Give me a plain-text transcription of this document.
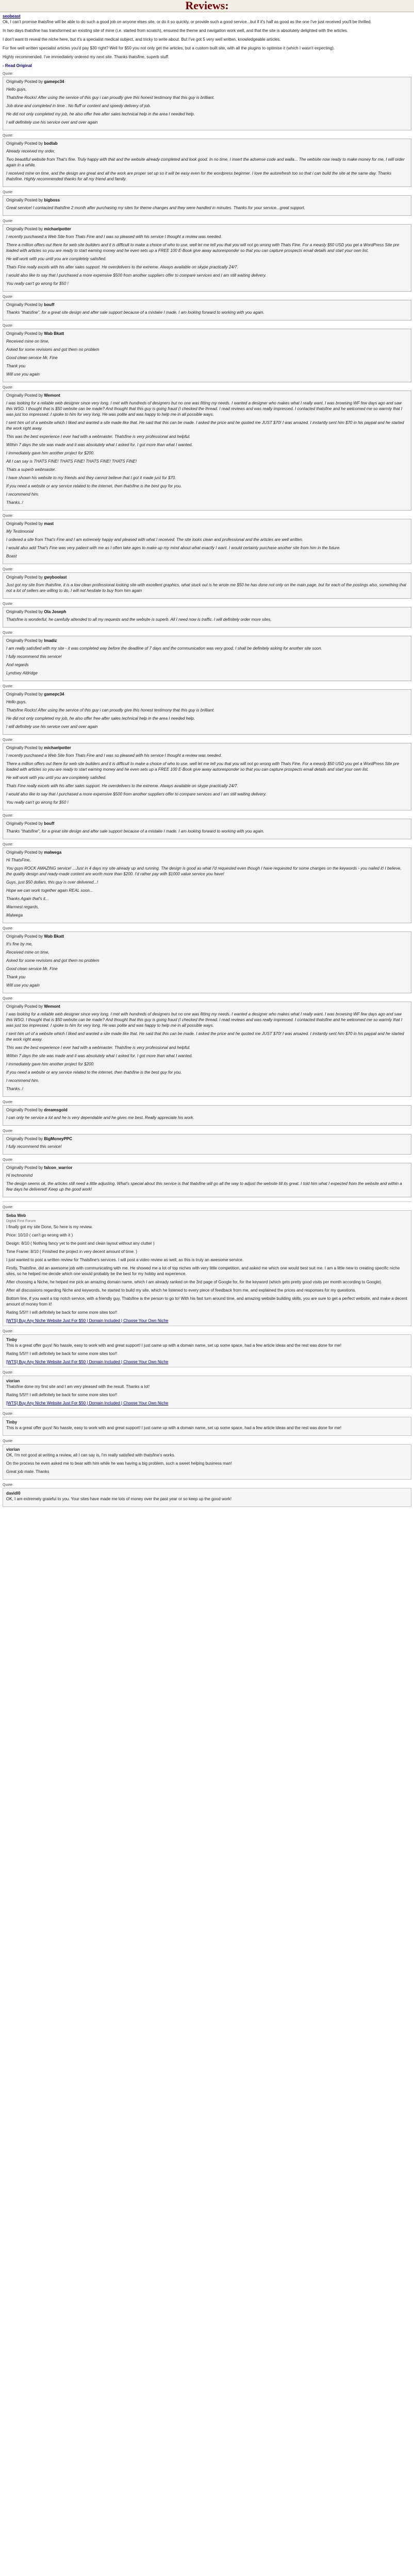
Reviews:
seobeast

Ok, I can't promise thatsfine will be able to do such a good job on anyone elses site, or do it so quickly, or provide such a good service...but if it's half as good as the one I've just received you'll be thrilled.

In two days thatsfine has transformed an existing site of mine (i.e. started from scratch), ensured the theme and navigation work well, and that the site is absolutely delighted with the articles.

I don't want to reveal the niche here, but it's a specialist medical subject, and tricky to write about. But I've got 5 very well written, knowledgeable articles.

For five well written specialist articles you'd pay $30 right? Well for $50 you not only get the articles, but a custom built site, with all the plugins to optimise it (which I wasn't expecting).

Highly recommended. I've immediately ordered my next site. Thanks thatsfine, superb stuff.

- Read Original
Quote:
Originally Posted by gamepc34

Hello guys,

Thatsfine Rocks! After using the service of this guy i can proudly give this honest testimony that this guy is brilliant.

Job done and completed in time . No fluff or content and speedy delivery of job.

He did not only completed my job, he also offer free after sales technical help in the area I needed help.

I will definitely use his service over and over again

Quote:
Originally Posted by bodlab

Already received my order,

Two beautiful website from That's fine. Truly happy with that and the website already completed and look good. In no time, I insert the adsense code and walla... The website now ready to make money for me, I will order again in a while.

I received mine on time, and the design are great and all the work are proper set up so it will be easy even for the wordpress beginner. I love the autorefresh too so that i can build the site at the same day. Thanks thatsfine. Highly recommended thanks for all my friend and family.

Quote:
Originally Posted by bigboss

Great service! I contacted thatsfine 2 month after purchasing my sites for theme changes and they were handled in minutes. Thanks for your service...great support.

Quote:
Originally Posted by michaelpotter

I recently purchased a Web Site from Thats Fine and I was so pleased with his service I thought a review was needed.

There a million offers out there for web site builders and it is difficult to make a choice of who to use, well let me tell you that you will not go wrong with Thats Fine. For a measly $50 USD you get a WordPress Site pre loaded with articles so you are ready to start earning money and he even sets up a FREE 100 E-Book give away autoresponder so that you can capture prospects email details and start your own list.

He will work with you until you are completely satisfied.

Thats Fine really excels with his after sales support. He overdelivers to the extreme. Always available on skype practically 24/7.

I would also like to say that I purchased a more expensive $500 from another suppliers offer to compare services and I am still waiting delivery.

You really can't go wrong for $50 !

Quote:
Originally Posted by bouff

Thanks "thatsfine", for a great site design and after sale support because of a mistake I made. I am looking forward to working with you again.

Quote:
Originally Posted by Wab Bkatt

Received mine on time,

Asked for some revisions and got them no problem

Good clean service Mr. Fine

Thank you

Will use you again

Quote:
Originally Posted by Wemont

I was looking for a reliable web designer since very long. I met with hundreds of designers but no one was fitting my needs. I wanted a designer who makes what I really want. I was browsing WF few days ago and saw this WSO. I thought that is $50 website can be made? And thought that this guy is going fraud (I checked the thread. I read reviews and was really impressed. I contacted thatsfine and he welcomed me so warmly that I was just too impressed. I spoke to him for very long. He was polite and was happy to help me in all possible ways.

I sent him url of a website which I liked and wanted a site made like that. He said that this can be made. I asked the price and he quoted me JUST $70! I was amazed. I instantly sent him $70 in his paypal and he started the work right away.

This was the best experience I ever had with a webmaster. Thatsfine is very professional and helpful.

Within 7 days the site was made and it was absolutely what I asked for. I got more than what I wanted.

I immediately gave him another project for $200.

All I can say is THATS FINE! THATS FINE! THATS FINE! THATS FINE!

Thats a superb webmaster.

I have shown his website to my friends and they cannot believe that I got it made just for $70.

If you need a website or any service related to the internet, then thatsfine is the best guy for you.

I recommend him.

Thanks..!

Quote:
Originally Posted by mast

My Testimonial

I ordered a site from That's Fine and I am extremely happy and pleased with what I received. The site looks clean and professional and the articles are well written.

I would also add That's Fine was very patient with me as I often take ages to make up my mind about what exactly I want. I would certainly purchase another site from him in the future.

Boast

Quote:
Originally Posted by gwyboolast

Just got my site from thatsfine, it is a low clean professional looking site with excellent graphics, what stuck out is he wrote me $50 he has done not only on the main page, but for each of the postings also, something that not a lot of sellers are willing to do, I will not hesitate to buy from him again

Quote:
Originally Posted by Ola Joseph

Thatsfine is wonderful, he carefully attended to all my requests and the website is superb. All I need now is traffic. I will definitely order more sites.

Quote:
Originally Posted by lmadiz

I am really satisfied with my site - it was completed way before the deadline of 7 days and the communication was very good. I shall be definitely asking for another site soon.

I fully recommend this service!

And regards

Lyndsey Aldridge

Quote:
Originally Posted by gamepc34

Hello guys,

Thatsfine Rocks! After using the service of this guy i can proudly give this honest testimony that this guy is brilliant.

He did not only completed my job, he also offer free after sales technical help in the area I needed help.

I will definitely use his service over and over again

Quote:
Originally Posted by michaelpotter

I recently purchased a Web Site from Thats Fine and I was so pleased with his service I thought a review was needed.

There a million offers out there for web site builders and it is difficult to make a choice of who to use, well let me tell you that you will not go wrong with Thats Fine. For a measly $50 USD you get a WordPress Site pre loaded with articles so you are ready to start earning money and he even sets up a FREE 100 E-Book give away autoresponder so that you can capture prospects email details and start your own list.

He will work with you until you are completely satisfied.

Thats Fine really excels with his after sales support. He overdelivers to the extreme. Always available on skype practically 24/7.

I would also like to say that I purchased a more expensive $500 from another suppliers offer to compare services and I am still waiting delivery.

You really can't go wrong for $50 !

Quote:
Originally Posted by bouff

Thanks "thatsfine", for a great site design and after sale support because of a mistake I made. I am looking forward to working with you again.

Quote:
Originally Posted by malwega

Hi ThatsFine,

You guys ROCK AMAZING service! ...Just in 4 days my site already up and running. The design is good as what I'd requested even though I have requested for some changes on the keywords - you nailed it! I believe, the quality design and ready-made content are worth more than $200. I'd rather pay with $1000 value service you have!

Guys, just $50 dollars, this guy is over delivered...!

Hope we can work together again REAL soon...

Thanks Again that's it...

Warmest regards,

Malwega

Quote:
Originally Posted by Wab Bkatt

It's fine by me,

Received mine on time,

Asked for some revisions and got them no problem

Good clean service Mr. Fine

Thank you

Will use you again

Quote:
Originally Posted by Wemont

I was looking for a reliable web designer since very long. I met with hundreds of designers but no one was fitting my needs. I wanted a designer who makes what I really want. I was browsing WF few days ago and saw this WSO. I thought that is $50 website can be made? And thought that this guy is going fraud (I checked the thread. I read reviews and was really impressed. I contacted thatsfine and he welcomed me so warmly that I was just too impressed. I spoke to him for very long. He was polite and was happy to help me in all possible ways.

I sent him url of a website which I liked and wanted a site made like that. He said that this can be made. I asked the price and he quoted me JUST $70! I was amazed. I instantly sent him $70 in his paypal and he started the work right away.

This was the best experience I ever had with a webmaster. Thatsfine is very professional and helpful.

Within 7 days the site was made and it was absolutely what I asked for. I got more than what I wanted.

I immediately gave him another project for $200.

If you need a website or any service related to the internet, then thatsfine is the best guy for you.

I recommend him.

Thanks..!

Quote:
Originally Posted by dreamsgold

I can only he service a lot and he is very dependable and he gives me best. Really appreciate his work.

Quote:
Originally Posted by BigMoneyPPC

I fully recommend this service!

Quote:
Originally Posted by falcon_warrior

Hi technomind

The design seems ok, the articles still need a little adjusting. What's special about this service is that thatsfine will go all the way to adjust the website till its great. I told him what I expected from the website and within a few days he delivered! Keep up the good work!

Quote:
Seba Web
Digital First Forum

I finally got my site Done, So here is my review.

Price: 10/10 ( can't go wrong with it )

Design: 8/10 ( Nothing fancy yet to the point and clean layout without any clutter )

Time Frame: 8/10 ( Finished the project in very decent amount of time. )

I just wanted to post a written review for Thatsfine's services. I will post a video review as well, as this is truly an awesome service.

Firstly, Thatsfine, did an awesome job with communicating with me. He showed me a lot of top niches with very little competition, and asked me which one would best suit me. I am a little new to creating specific niche sites, so he helped me decide which one would probably be the best for my hobby and experience.

After choosing a Niche, he helped me pick an amazing domain name, which I am already ranked on the 3rd page of Google for, for the keyword (which gets pretty good visits per month according to Google).

After all discussions regarding Niche and keywords, he started to build my site, which he listened to every piece of feedback from me, and explained the prices and responses for my questions.

Bottom line, if you want a top notch service, with a friendly guy, Thatsfine is the person to go to! With his fast turn around time, and amazing website building skills, you are sure to get a perfect website, and make a decent amount of money from it!

Rating 5/5!!! I will definitely be back for some more sites too!!

[WTS] Buy Any Niche Website Just For $50 | Domain Included | Choose Your Own Niche
Quote:
Tinby

This is a great offer guys! No hassle, easy to work with and great support! I just came up with a domain name, set up some space, had a few article ideas and the rest was done for me!

Rating 5/5!!! I will definitely be back for some more sites too!!

[WTS] Buy Any Niche Website Just For $50 | Domain Included | Choose Your Own Niche
Quote:
viorian

Thatsfine done my first site and I am very pleased with the result. Thanks a lot!

Rating 5/5!!! I will definitely be back for some more sites too!!

[WTS] Buy Any Niche Website Just For $50 | Domain Included | Choose Your Own Niche
Quote:
Tinby

This is a great offer guys! No hassle, easy to work with and great support! I just came up with a domain name, set up some space, had a few article ideas and the rest was done for me!

Quote:
viorian

OK, I'm not good at writing a review, all I can say is, I'm really satisfied with thatsfine's works.

On the process he even asked me to bear with him while he was having a big problem, such a sweet helping business man!

Great job mate. Thanks

Quote:
davidl0

OK, I am extremely grateful to you. Your sites have made me lots of money over the past year or so keep up the good work!
